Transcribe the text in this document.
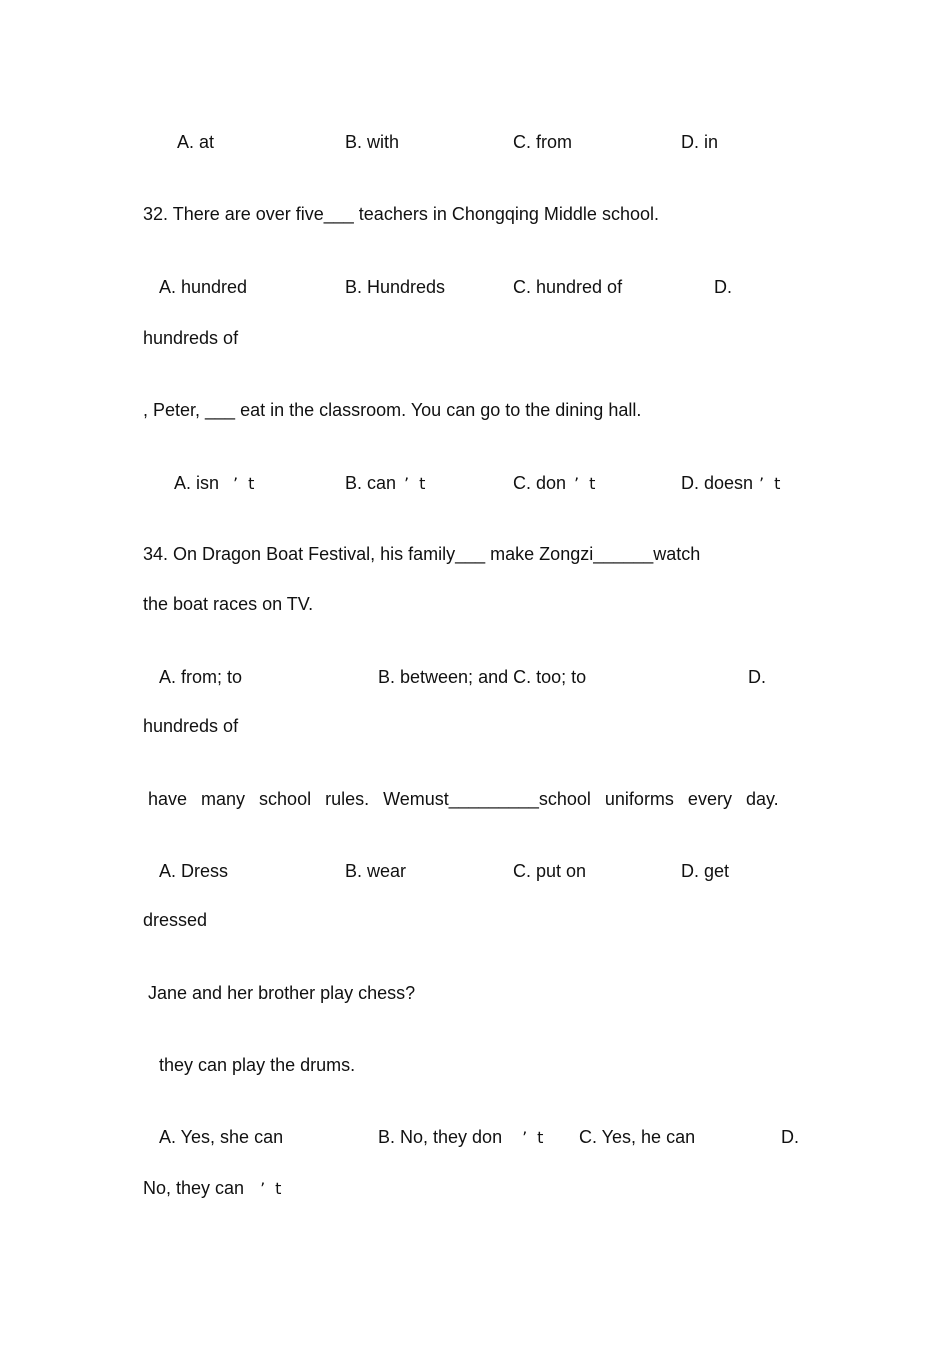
A. at	B. with	C. from	D. in
32. There are over five___ teachers in Chongqing Middle school.
A. hundred	B. Hundreds	C. hundred of	D.
hundreds of
, Peter, ___ eat in the classroom. You can go to the dining hall.
A. isn ’ t	B. can ’ t	C. don ’ t	D. doesn ’ t
34. On Dragon Boat Festival, his family___ make Zongzi______watch
the boat races on TV.
A. from; to	B. between; and C. too; to	D.
hundreds of
have many school rules. Wemust_________school uniforms every day.
A. Dress	B. wear	C. put on	D. get
dressed
Jane and her brother play chess?
they can play the drums.
A. Yes, she can	B. No, they don ’ t C. Yes, he can	D.
No, they can ’ t
